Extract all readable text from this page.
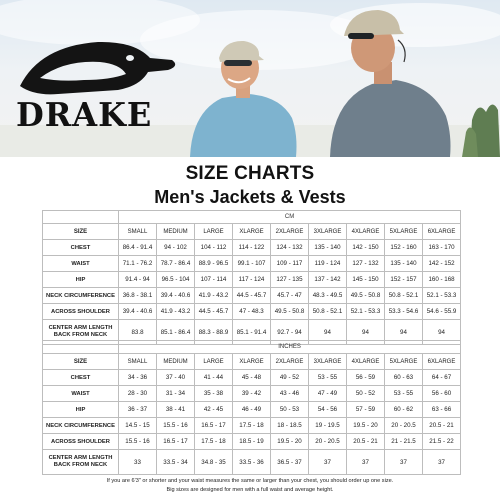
DRAKE
SIZE CHARTS
Men's Jackets & Vests
	CM								
SIZE	SMALL	MEDIUM	LARGE	XLARGE	2XLARGE	3XLARGE	4XLARGE	5XLARGE	6XLARGE
CHEST	86.4 - 91.4	94 - 102	104 - 112	114 - 122	124 - 132	135 - 140	142 - 150	152 - 160	163 - 170
WAIST	71.1 - 76.2	78.7 - 86.4	88.9 - 96.5	99.1 - 107	109 - 117	119 - 124	127 - 132	135 - 140	142 - 152
HIP	91.4 - 94	96.5 - 104	107 - 114	117 - 124	127 - 135	137 - 142	145 - 150	152 - 157	160 - 168
NECK CIRCUMFERENCE	36.8 - 38.1	39.4 - 40.6	41.9 - 43.2	44.5 - 45.7	45.7 - 47	48.3 - 49.5	49.5 - 50.8	50.8 - 52.1	52.1 - 53.3
ACROSS SHOULDER	39.4 - 40.6	41.9 - 43.2	44.5 - 45.7	47 - 48.3	49.5 - 50.8	50.8 - 52.1	52.1 - 53.3	53.3 - 54.6	54.6 - 55.9
CENTER ARM LENGTH BACK FROM NECK	83.8	85.1 - 86.4	88.3 - 88.9	85.1 - 91.4	92.7 - 94	94	94	94	94
	INCHES								
SIZE	SMALL	MEDIUM	LARGE	XLARGE	2XLARGE	3XLARGE	4XLARGE	5XLARGE	6XLARGE
CHEST	34 - 36	37 - 40	41 - 44	45 - 48	49 - 52	53 - 55	56 - 59	60 - 63	64 - 67
WAIST	28 - 30	31 - 34	35 - 38	39 - 42	43 - 46	47 - 49	50 - 52	53 - 55	56 - 60
HIP	36 - 37	38 - 41	42 - 45	46 - 49	50 - 53	54 - 56	57 - 59	60 - 62	63 - 66
NECK CIRCUMFERENCE	14.5 - 15	15.5 - 16	16.5 - 17	17.5 - 18	18 - 18.5	19 - 19.5	19.5 - 20	20 - 20.5	20.5 - 21
ACROSS SHOULDER	15.5 - 16	16.5 - 17	17.5 - 18	18.5 - 19	19.5 - 20	20 - 20.5	20.5 - 21	21 - 21.5	21.5 - 22
CENTER ARM LENGTH BACK FROM NECK	33	33.5 - 34	34.8 - 35	33.5 - 36	36.5 - 37	37	37	37	37
If you are 6'3" or shorter and your waist measures the same or larger than your chest, you should order up one size.
Big sizes are designed for men with a full waist and average height.
